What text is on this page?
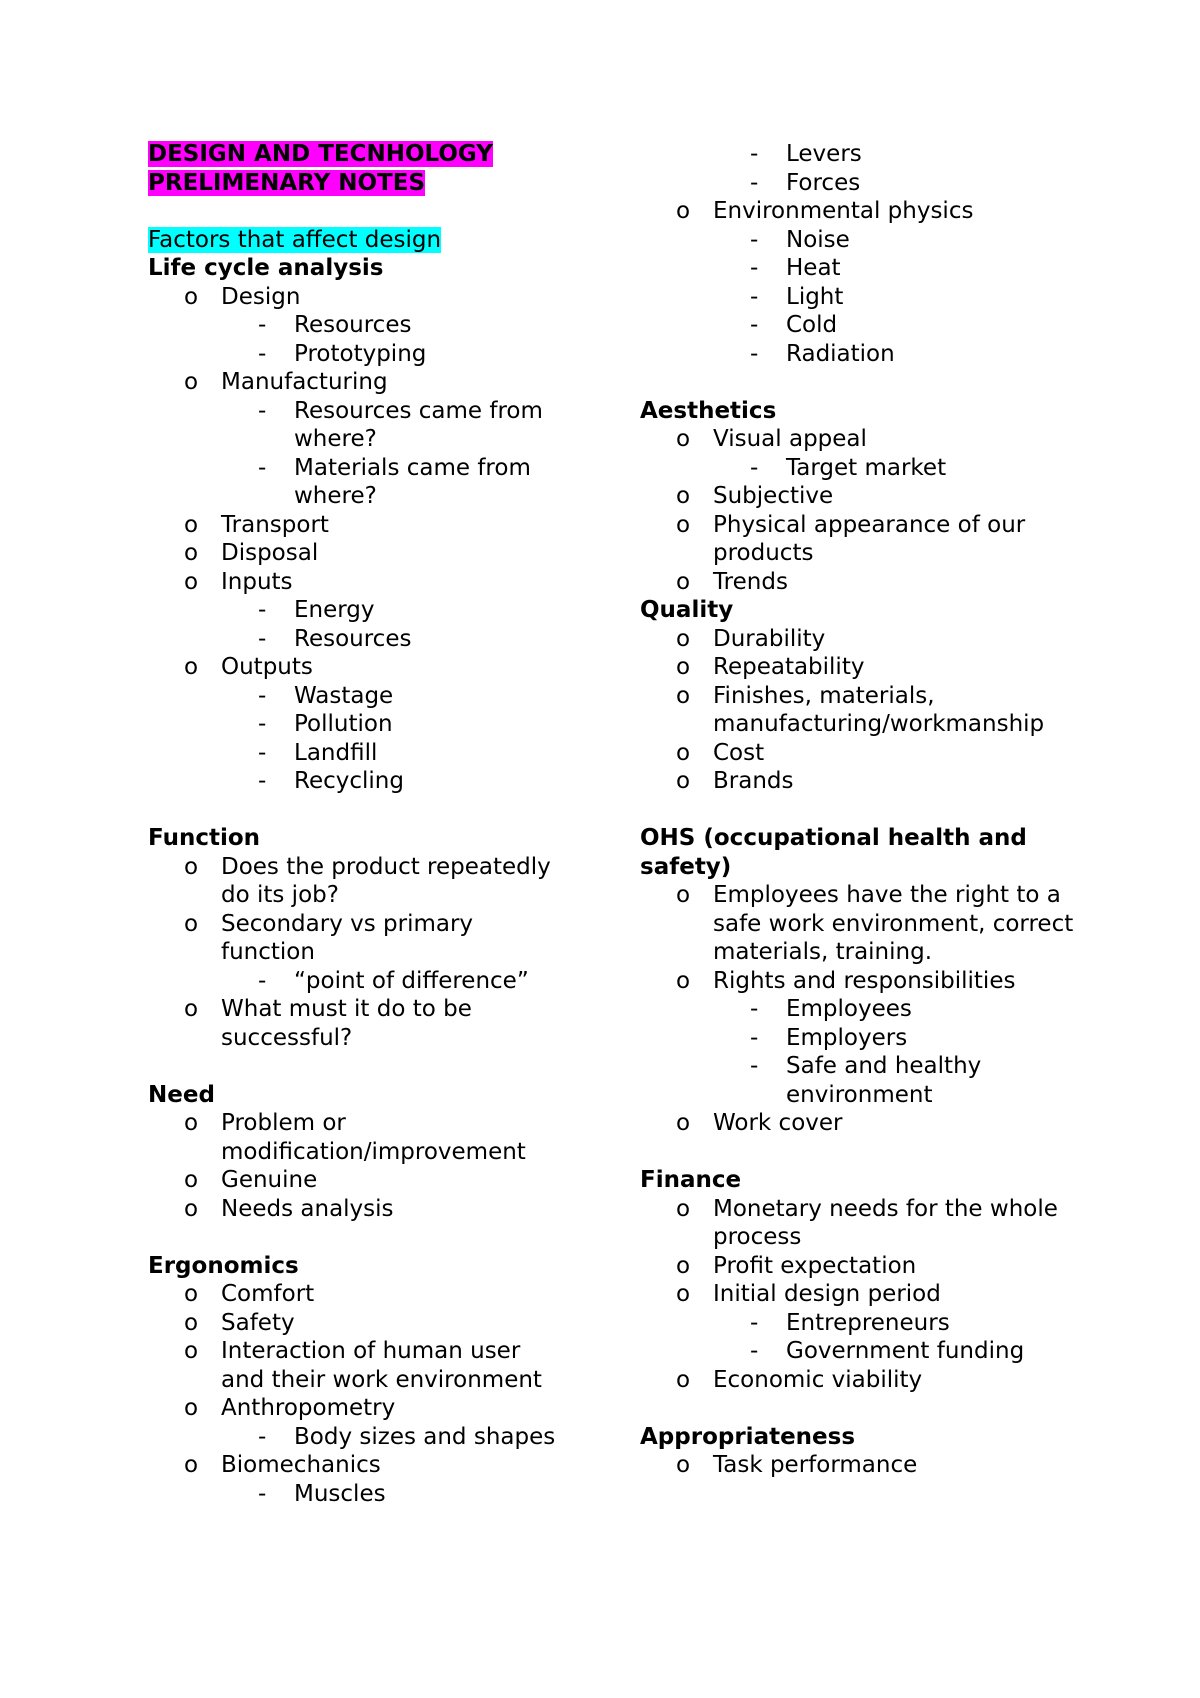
DESIGN AND TECNHOLOGY
PRELIMENARY NOTES
Factors that affect design
Life cycle analysis
o Design
- Resources
- Prototyping
o Manufacturing
- Resources came from where?
- Materials came from where?
o Transport
o Disposal
o Inputs
- Energy
- Resources
o Outputs
- Wastage
- Pollution
- Landfill
- Recycling
Function
o Does the product repeatedly do its job?
o Secondary vs primary function
- “point of difference”
o What must it do to be successful?
Need
o Problem or modification/improvement
o Genuine
o Needs analysis
Ergonomics
o Comfort
o Safety
o Interaction of human user and their work environment
o Anthropometry
- Body sizes and shapes
o Biomechanics
- Muscles
- Levers
- Forces
o Environmental physics
- Noise
- Heat
- Light
- Cold
- Radiation
Aesthetics
o Visual appeal
- Target market
o Subjective
o Physical appearance of our products
o Trends
Quality
o Durability
o Repeatability
o Finishes, materials, manufacturing/workmanship
o Cost
o Brands
OHS (occupational health and safety)
o Employees have the right to a safe work environment, correct materials, training.
o Rights and responsibilities
- Employees
- Employers
- Safe and healthy environment
o Work cover
Finance
o Monetary needs for the whole process
o Profit expectation
o Initial design period
- Entrepreneurs
- Government funding
o Economic viability
Appropriateness
o Task performance
